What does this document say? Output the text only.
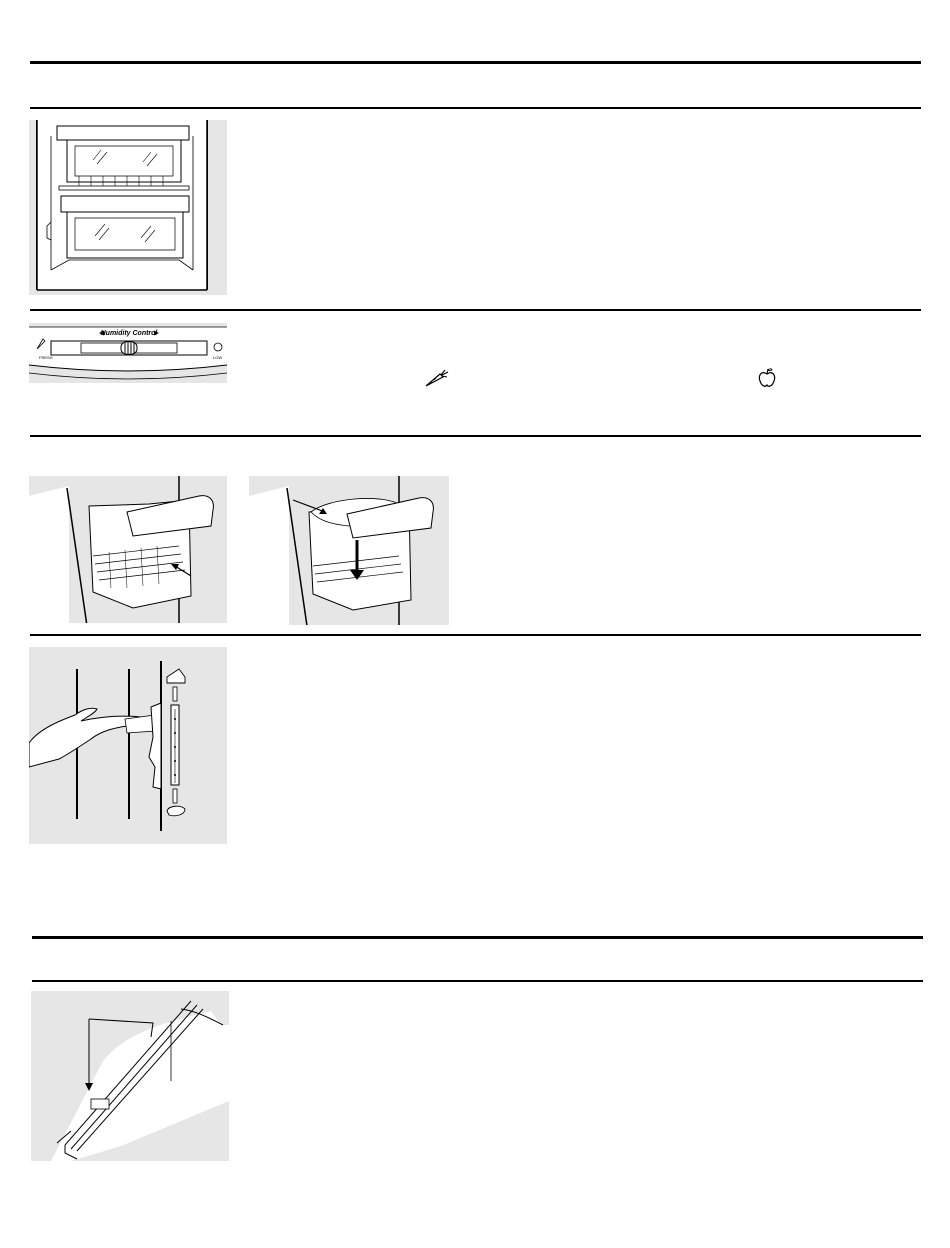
Humidity Control
FRESH	LOW
